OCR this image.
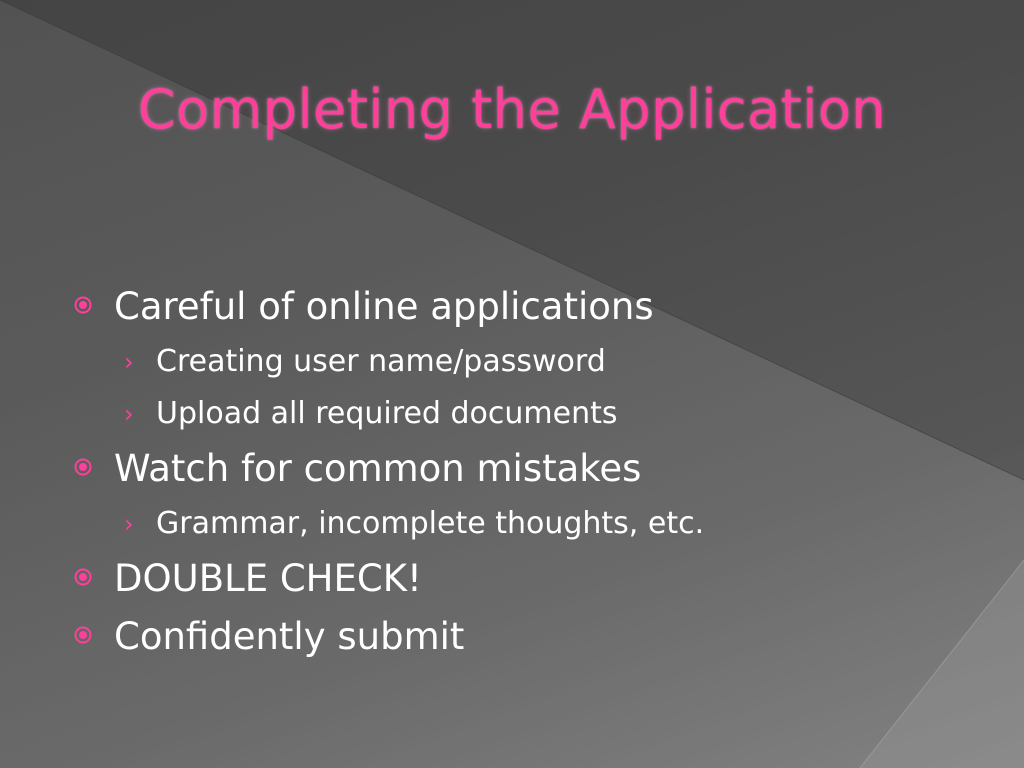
Completing the Application
Careful of online applications
› Creating user name/password
› Upload all required documents
Watch for common mistakes
› Grammar, incomplete thoughts, etc.
DOUBLE CHECK!
Confidently submit
